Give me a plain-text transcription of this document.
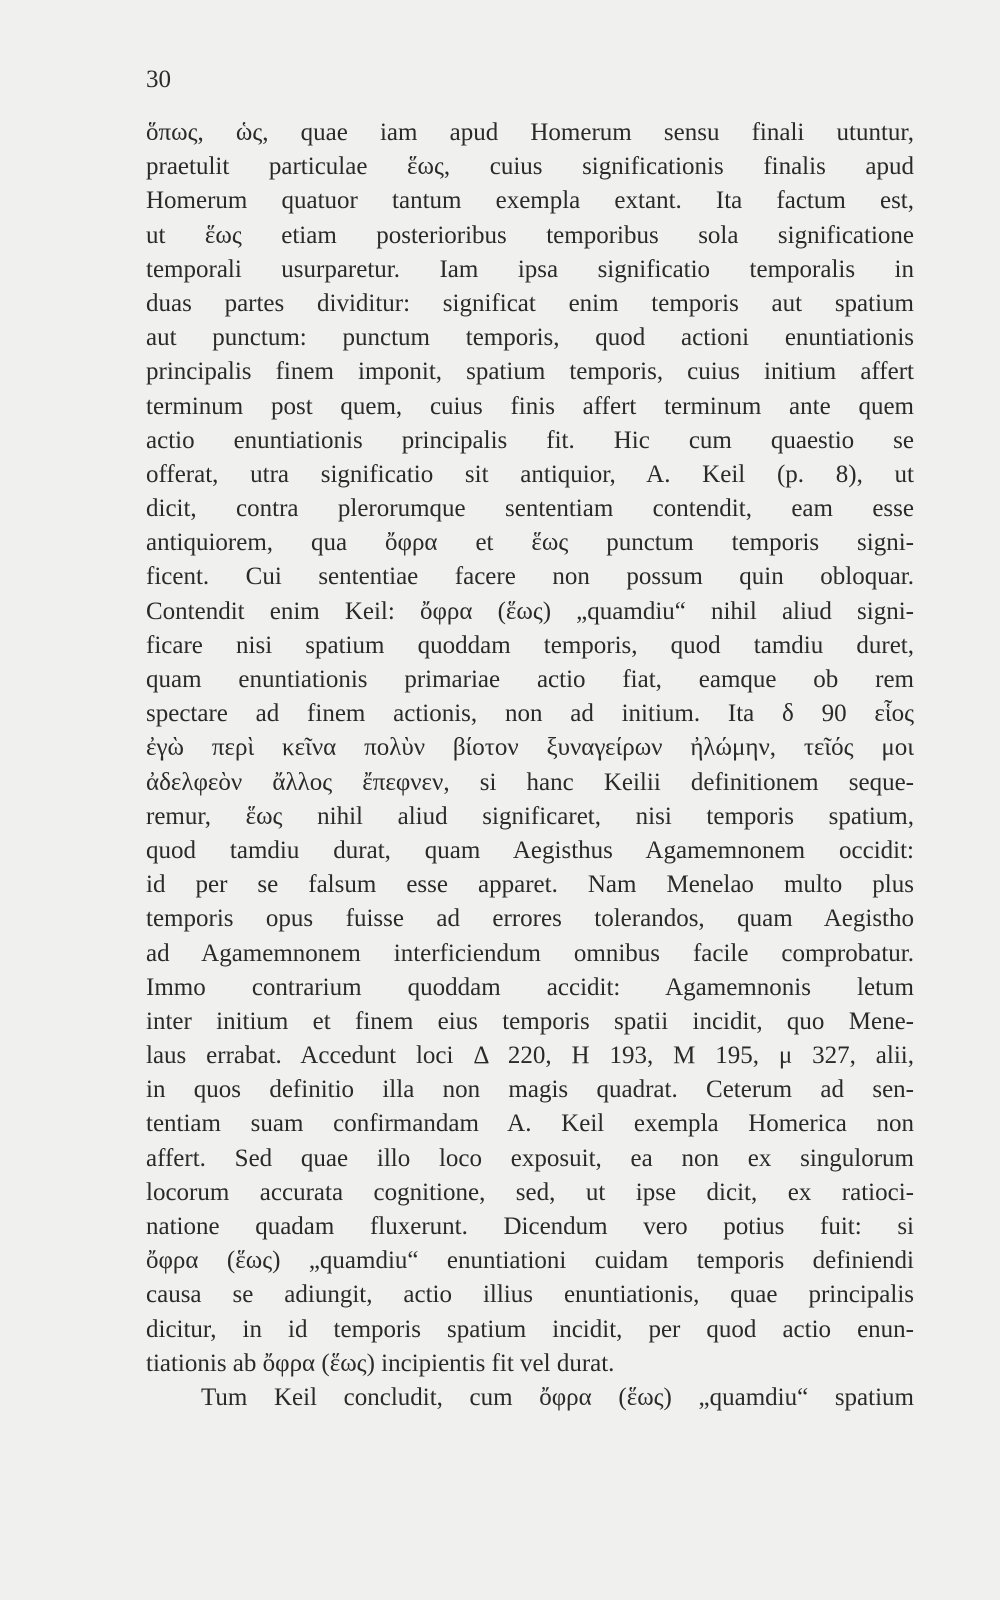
30
ὅπως, ὡς, quae iam apud Homerum sensu finali utuntur,
praetulit particulae ἕως, cuius significationis finalis apud
Homerum quatuor tantum exempla extant. Ita factum est,
ut ἕως etiam posterioribus temporibus sola significatione
temporali usurparetur. Iam ipsa significatio temporalis in
duas partes dividitur: significat enim temporis aut spatium
aut punctum: punctum temporis, quod actioni enuntiationis
principalis finem imponit, spatium temporis, cuius initium affert
terminum post quem, cuius finis affert terminum ante quem
actio enuntiationis principalis fit. Hic cum quaestio se
offerat, utra significatio sit antiquior, A. Keil (p. 8), ut
dicit, contra plerorumque sententiam contendit, eam esse
antiquiorem, qua ὄφρα et ἕως punctum temporis signi-
ficent. Cui sententiae facere non possum quin obloquar.
Contendit enim Keil: ὄφρα (ἕως) „quamdiu“ nihil aliud signi-
ficare nisi spatium quoddam temporis, quod tamdiu duret,
quam enuntiationis primariae actio fiat, eamque ob rem
spectare ad finem actionis, non ad initium. Ita δ 90 εἷος
ἐγὼ περὶ κεῖνα πολὺν βίοτον ξυναγείρων ἠλώμην, τεῖός μοι
ἀδελφεὸν ἄλλος ἔπεφνεν, si hanc Keilii definitionem seque-
remur, ἕως nihil aliud significaret, nisi temporis spatium,
quod tamdiu durat, quam Aegisthus Agamemnonem occidit:
id per se falsum esse apparet. Nam Menelao multo plus
temporis opus fuisse ad errores tolerandos, quam Aegistho
ad Agamemnonem interficiendum omnibus facile comprobatur.
Immo contrarium quoddam accidit: Agamemnonis letum
inter initium et finem eius temporis spatii incidit, quo Mene-
laus errabat. Accedunt loci Δ 220, Η 193, Μ 195, μ 327, alii,
in quos definitio illa non magis quadrat. Ceterum ad sen-
tentiam suam confirmandam A. Keil exempla Homerica non
affert. Sed quae illo loco exposuit, ea non ex singulorum
locorum accurata cognitione, sed, ut ipse dicit, ex ratioci-
natione quadam fluxerunt. Dicendum vero potius fuit: si
ὄφρα (ἕως) „quamdiu“ enuntiationi cuidam temporis definiendi
causa se adiungit, actio illius enuntiationis, quae principalis
dicitur, in id temporis spatium incidit, per quod actio enun-
tiationis ab ὄφρα (ἕως) incipientis fit vel durat.
Tum Keil concludit, cum ὄφρα (ἕως) „quamdiu“ spatium
